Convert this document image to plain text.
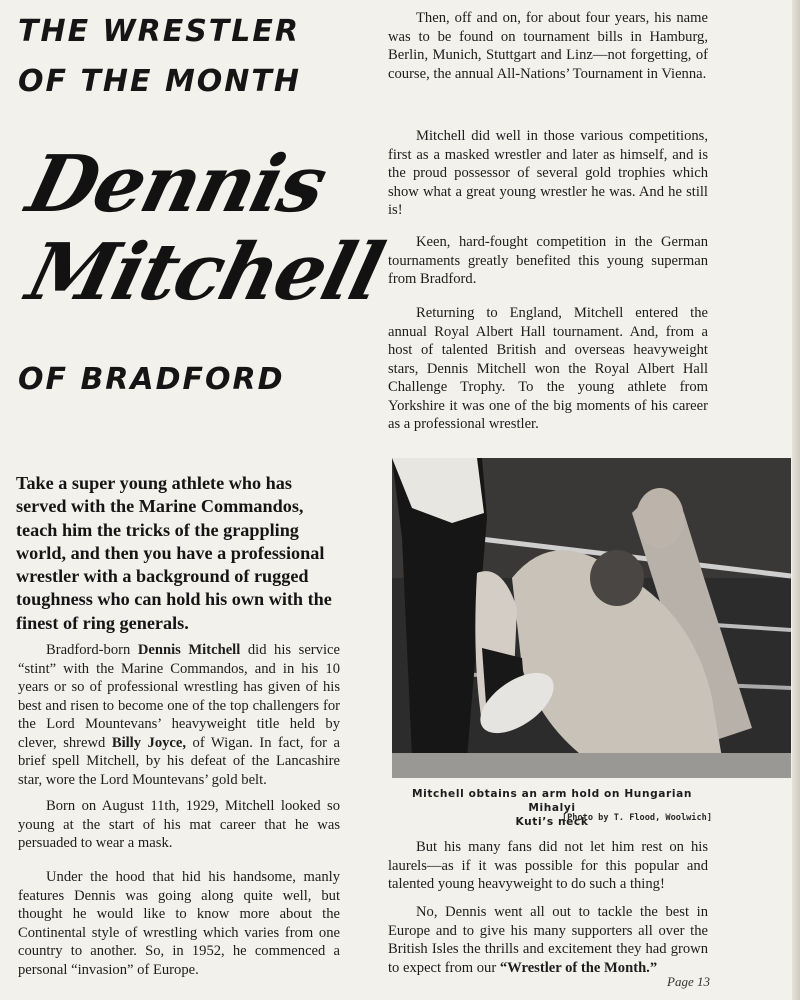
THE WRESTLER
OF THE MONTH
Dennis
Mitchell
OF BRADFORD

Take a super young athlete who has served with the Marine Commandos, teach him the tricks of the grappling world, and then you have a professional wrestler with a background of rugged toughness who can hold his own with the finest of ring generals.

Bradford-born Dennis Mitchell did his service “stint” with the Marine Commandos, and in his 10 years or so of professional wrestling has given of his best and risen to become one of the top challengers for the Lord Mountevans’ heavyweight title held by clever, shrewd Billy Joyce, of Wigan. In fact, for a brief spell Mitchell, by his defeat of the Lancashire star, wore the Lord Mountevans’ gold belt.

Born on August 11th, 1929, Mitchell looked so young at the start of his mat career that he was persuaded to wear a mask.

Under the hood that hid his handsome, manly features Dennis was going along quite well, but thought he would like to know more about the Continental style of wrestling which varies from one country to another. So, in 1952, he commenced a personal “invasion” of Europe.

Then, off and on, for about four years, his name was to be found on tournament bills in Hamburg, Berlin, Munich, Stuttgart and Linz—not forgetting, of course, the annual All-Nations’ Tournament in Vienna.

Mitchell did well in those various competitions, first as a masked wrestler and later as himself, and is the proud possessor of several gold trophies which show what a great young wrestler he was. And he still is!

Keen, hard-fought competition in the German tournaments greatly benefited this young superman from Bradford.

Returning to England, Mitchell entered the annual Royal Albert Hall tournament. And, from a host of talented British and overseas heavyweight stars, Dennis Mitchell won the Royal Albert Hall Challenge Trophy. To the young athlete from Yorkshire it was one of the big moments of his career as a professional wrestler.

Mitchell obtains an arm hold on Hungarian Mihalyi
Kuti’s neck
[Photo by T. Flood, Woolwich]

But his many fans did not let him rest on his laurels—as if it was possible for this popular and talented young heavyweight to do such a thing!

No, Dennis went all out to tackle the best in Europe and to give his many supporters all over the British Isles the thrills and excitement they had grown to expect from our “Wrestler of the Month.”

Page 13
